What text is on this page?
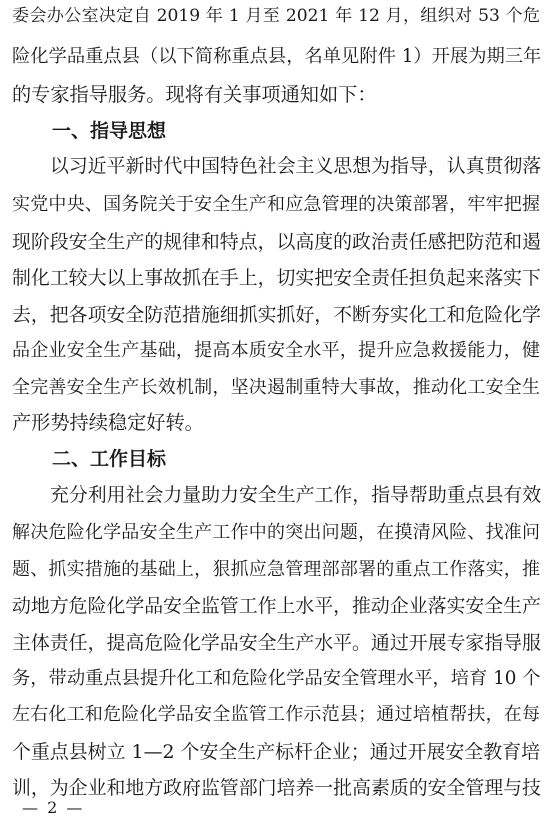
委会办公室决定自 2019 年 1 月至 2021 年 12 月，组织对 53 个危
险化学品重点县（以下简称重点县，名单见附件 1）开展为期三年
的专家指导服务。现将有关事项通知如下：
一、指导思想
以习近平新时代中国特色社会主义思想为指导，认真贯彻落
实党中央、国务院关于安全生产和应急管理的决策部署，牢牢把握
现阶段安全生产的规律和特点，以高度的政治责任感把防范和遏
制化工较大以上事故抓在手上，切实把安全责任担负起来落实下
去，把各项安全防范措施细抓实抓好，不断夯实化工和危险化学
品企业安全生产基础，提高本质安全水平，提升应急救援能力，健
全完善安全生产长效机制，坚决遏制重特大事故，推动化工安全生
产形势持续稳定好转。
二、工作目标
充分利用社会力量助力安全生产工作，指导帮助重点县有效
解决危险化学品安全生产工作中的突出问题，在摸清风险、找准问
题、抓实措施的基础上，狠抓应急管理部部署的重点工作落实，推
动地方危险化学品安全监管工作上水平，推动企业落实安全生产
主体责任，提高危险化学品安全生产水平。通过开展专家指导服
务，带动重点县提升化工和危险化学品安全管理水平，培育 10 个
左右化工和危险化学品安全监管工作示范县；通过培植帮扶，在每
个重点县树立 1—2 个安全生产标杆企业；通过开展安全教育培
训，为企业和地方政府监管部门培养一批高素质的安全管理与技
— 2 —
